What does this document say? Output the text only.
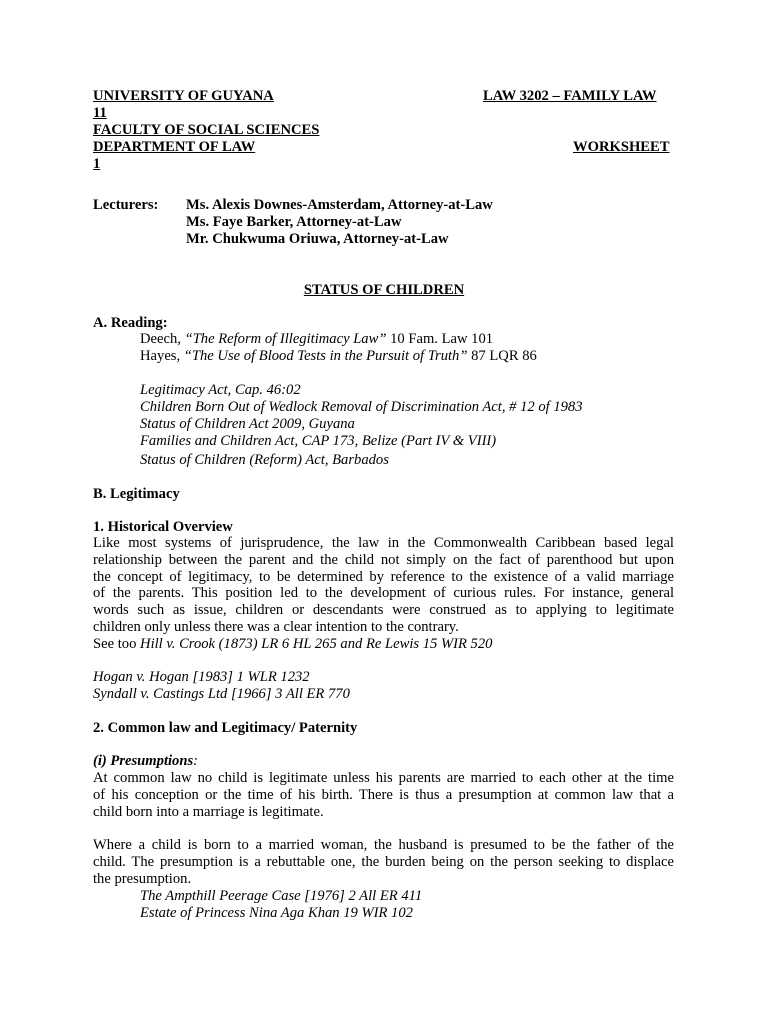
UNIVERSITY OF GUYANA	LAW 3202 – FAMILY LAW
11
FACULTY OF SOCIAL SCIENCES
DEPARTMENT OF LAW	WORKSHEET
1
Lecturers: Ms. Alexis Downes-Amsterdam, Attorney-at-Law
Ms. Faye Barker, Attorney-at-Law
Mr. Chukwuma Oriuwa, Attorney-at-Law
STATUS OF CHILDREN
A. Reading:
Deech, “The Reform of Illegitimacy Law” 10 Fam. Law 101
Hayes, “The Use of Blood Tests in the Pursuit of Truth” 87 LQR 86
Legitimacy Act, Cap. 46:02
Children Born Out of Wedlock Removal of Discrimination Act, # 12 of 1983
Status of Children Act 2009, Guyana
Families and Children Act, CAP 173, Belize (Part IV & VIII)
Status of Children (Reform) Act, Barbados
B. Legitimacy
1. Historical Overview
Like most systems of jurisprudence, the law in the Commonwealth Caribbean based legal
relationship between the parent and the child not simply on the fact of parenthood but upon
the concept of legitimacy, to be determined by reference to the existence of a valid marriage
of the parents. This position led to the development of curious rules. For instance, general
words such as issue, children or descendants were construed as to applying to legitimate
children only unless there was a clear intention to the contrary.
See too Hill v. Crook (1873) LR 6 HL 265 and Re Lewis 15 WIR 520
Hogan v. Hogan [1983] 1 WLR 1232
Syndall v. Castings Ltd [1966] 3 All ER 770
2. Common law and Legitimacy/ Paternity
(i) Presumptions:
At common law no child is legitimate unless his parents are married to each other at the time
of his conception or the time of his birth. There is thus a presumption at common law that a
child born into a marriage is legitimate.
Where a child is born to a married woman, the husband is presumed to be the father of the
child. The presumption is a rebuttable one, the burden being on the person seeking to displace
the presumption.
The Ampthill Peerage Case [1976] 2 All ER 411
Estate of Princess Nina Aga Khan 19 WIR 102
